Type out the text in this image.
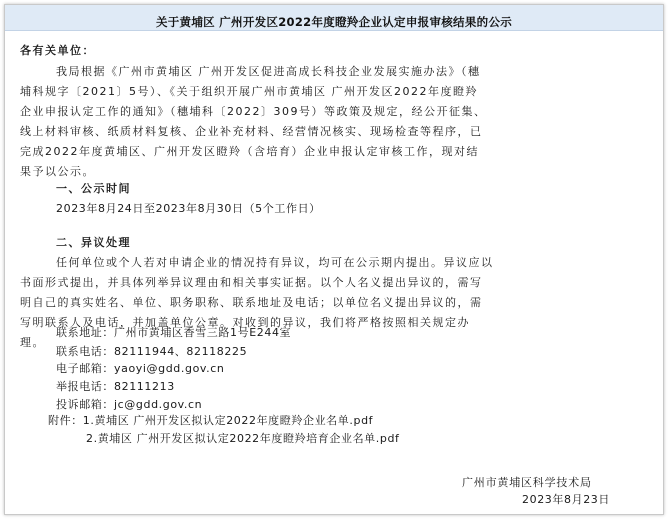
关于黄埔区 广州开发区2022年度瞪羚企业认定申报审核结果的公示
各有关单位：
我局根据《广州市黄埔区 广州开发区促进高成长科技企业发展实施办法》（穗
埔科规字〔2021〕5号）、《关于组织开展广州市黄埔区 广州开发区2022年度瞪羚
企业申报认定工作的通知》（穗埔科〔2022〕309号）等政策及规定，经公开征集、
线上材料审核、纸质材料复核、企业补充材料、经营情况核实、现场检查等程序，已
完成2022年度黄埔区、广州开发区瞪羚（含培育）企业申报认定审核工作，现对结
果予以公示。
一、公示时间
2023年8月24日至2023年8月30日（5个工作日）
二、异议处理
任何单位或个人若对申请企业的情况持有异议，均可在公示期内提出。异议应以
书面形式提出，并具体列举异议理由和相关事实证据。以个人名义提出异议的，需写
明自己的真实姓名、单位、职务职称、联系地址及电话；以单位名义提出异议的，需
写明联系人及电话，并加盖单位公章。对收到的异议，我们将严格按照相关规定办
理。
联系地址：广州市黄埔区香雪三路1号E244室
联系电话：82111944、82118225
电子邮箱：yaoyi@gdd.gov.cn
举报电话：82111213
投诉邮箱：jc@gdd.gov.cn
附件：1.黄埔区 广州开发区拟认定2022年度瞪羚企业名单.pdf
2.黄埔区 广州开发区拟认定2022年度瞪羚培育企业名单.pdf
广州市黄埔区科学技术局
2023年8月23日
